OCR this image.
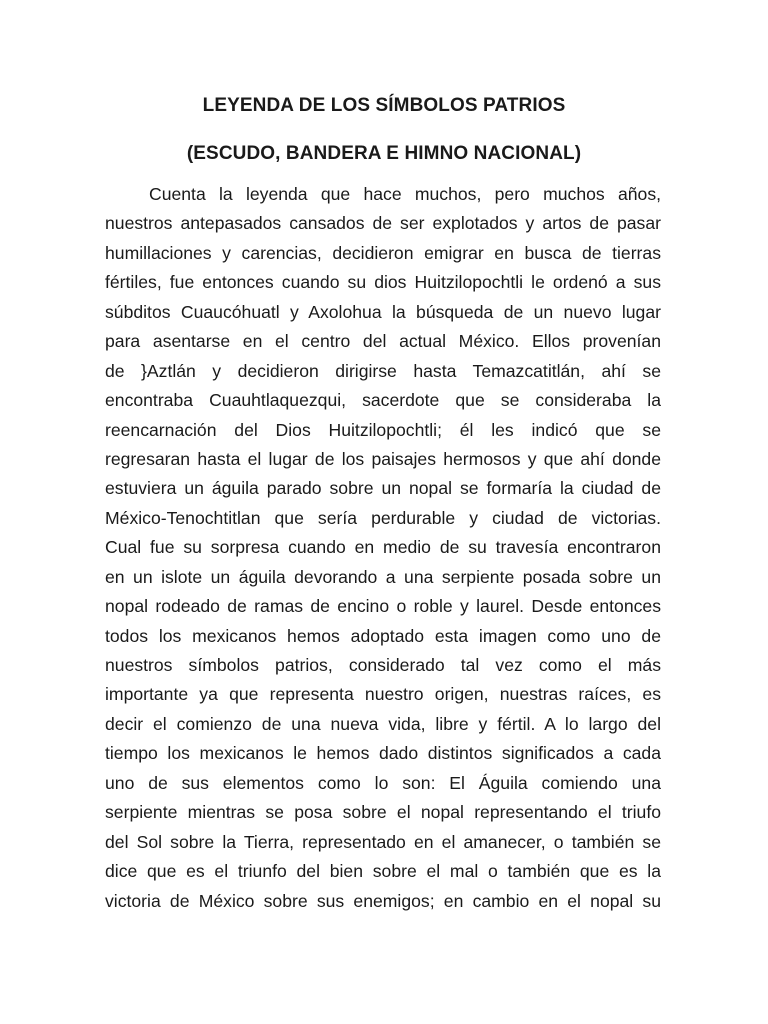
LEYENDA DE LOS SÍMBOLOS PATRIOS
(ESCUDO, BANDERA E HIMNO NACIONAL)
Cuenta la leyenda que hace muchos, pero muchos años,
nuestros antepasados cansados de ser explotados y artos de pasar
humillaciones y carencias, decidieron emigrar en busca de tierras
fértiles, fue entonces cuando su dios Huitzilopochtli le ordenó a sus
súbditos Cuaucóhuatl y Axolohua la búsqueda de un nuevo lugar
para asentarse en el centro del actual México. Ellos provenían
de }Aztlán y decidieron dirigirse hasta Temazcatitlán, ahí se
encontraba Cuauhtlaquezqui, sacerdote que se consideraba la
reencarnación del Dios Huitzilopochtli; él les indicó que se
regresaran hasta el lugar de los paisajes hermosos y que ahí donde
estuviera un águila parado sobre un nopal se formaría la ciudad de
México-Tenochtitlan que sería perdurable y ciudad de victorias.
Cual fue su sorpresa cuando en medio de su travesía encontraron
en un islote un águila devorando a una serpiente posada sobre un
nopal rodeado de ramas de encino o roble y laurel. Desde entonces
todos los mexicanos hemos adoptado esta imagen como uno de
nuestros símbolos patrios, considerado tal vez como el más
importante ya que representa nuestro origen, nuestras raíces, es
decir el comienzo de una nueva vida, libre y fértil. A lo largo del
tiempo los mexicanos le hemos dado distintos significados a cada
uno de sus elementos como lo son: El Águila comiendo una
serpiente mientras se posa sobre el nopal representando el triufo
del Sol sobre la Tierra, representado en el amanecer, o también se
dice que es el triunfo del bien sobre el mal o también que es la
victoria de México sobre sus enemigos; en cambio en el nopal su
